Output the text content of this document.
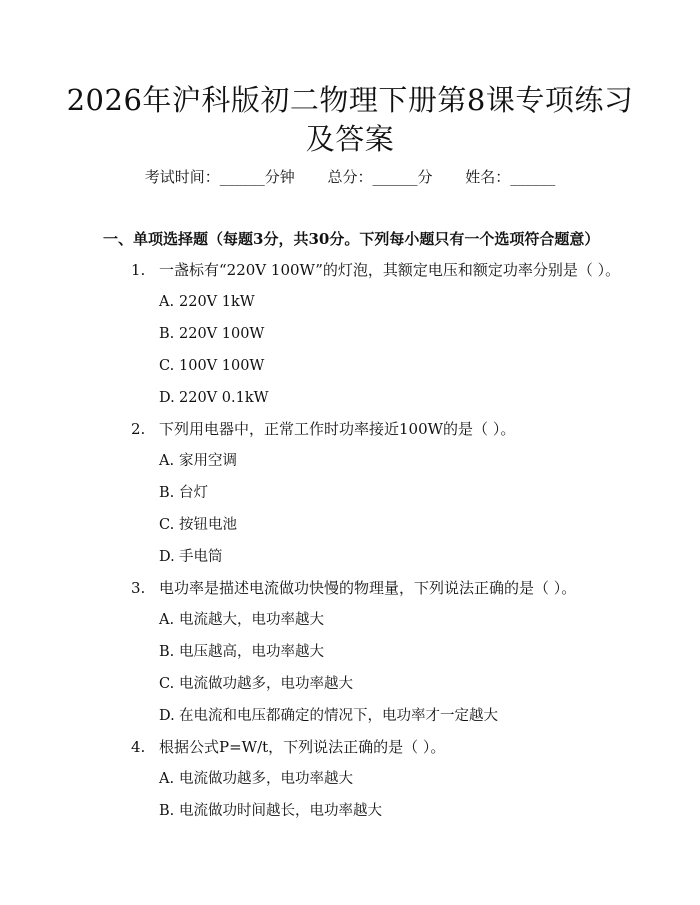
2026年沪科版初二物理下册第8课专项练习
及答案
考试时间：______分钟 总分：______分 姓名：______
一、单项选择题（每题3分，共30分。下列每小题只有一个选项符合题意）
1. 一盏标有“220V 100W”的灯泡，其额定电压和额定功率分别是（ ）。
A. 220V 1kW
B. 220V 100W
C. 100V 100W
D. 220V 0.1kW
2. 下列用电器中，正常工作时功率接近100W的是（ ）。
A. 家用空调
B. 台灯
C. 按钮电池
D. 手电筒
3. 电功率是描述电流做功快慢的物理量，下列说法正确的是（ ）。
A. 电流越大，电功率越大
B. 电压越高，电功率越大
C. 电流做功越多，电功率越大
D. 在电流和电压都确定的情况下，电功率才一定越大
4. 根据公式P=W/t，下列说法正确的是（ ）。
A. 电流做功越多，电功率越大
B. 电流做功时间越长，电功率越大
